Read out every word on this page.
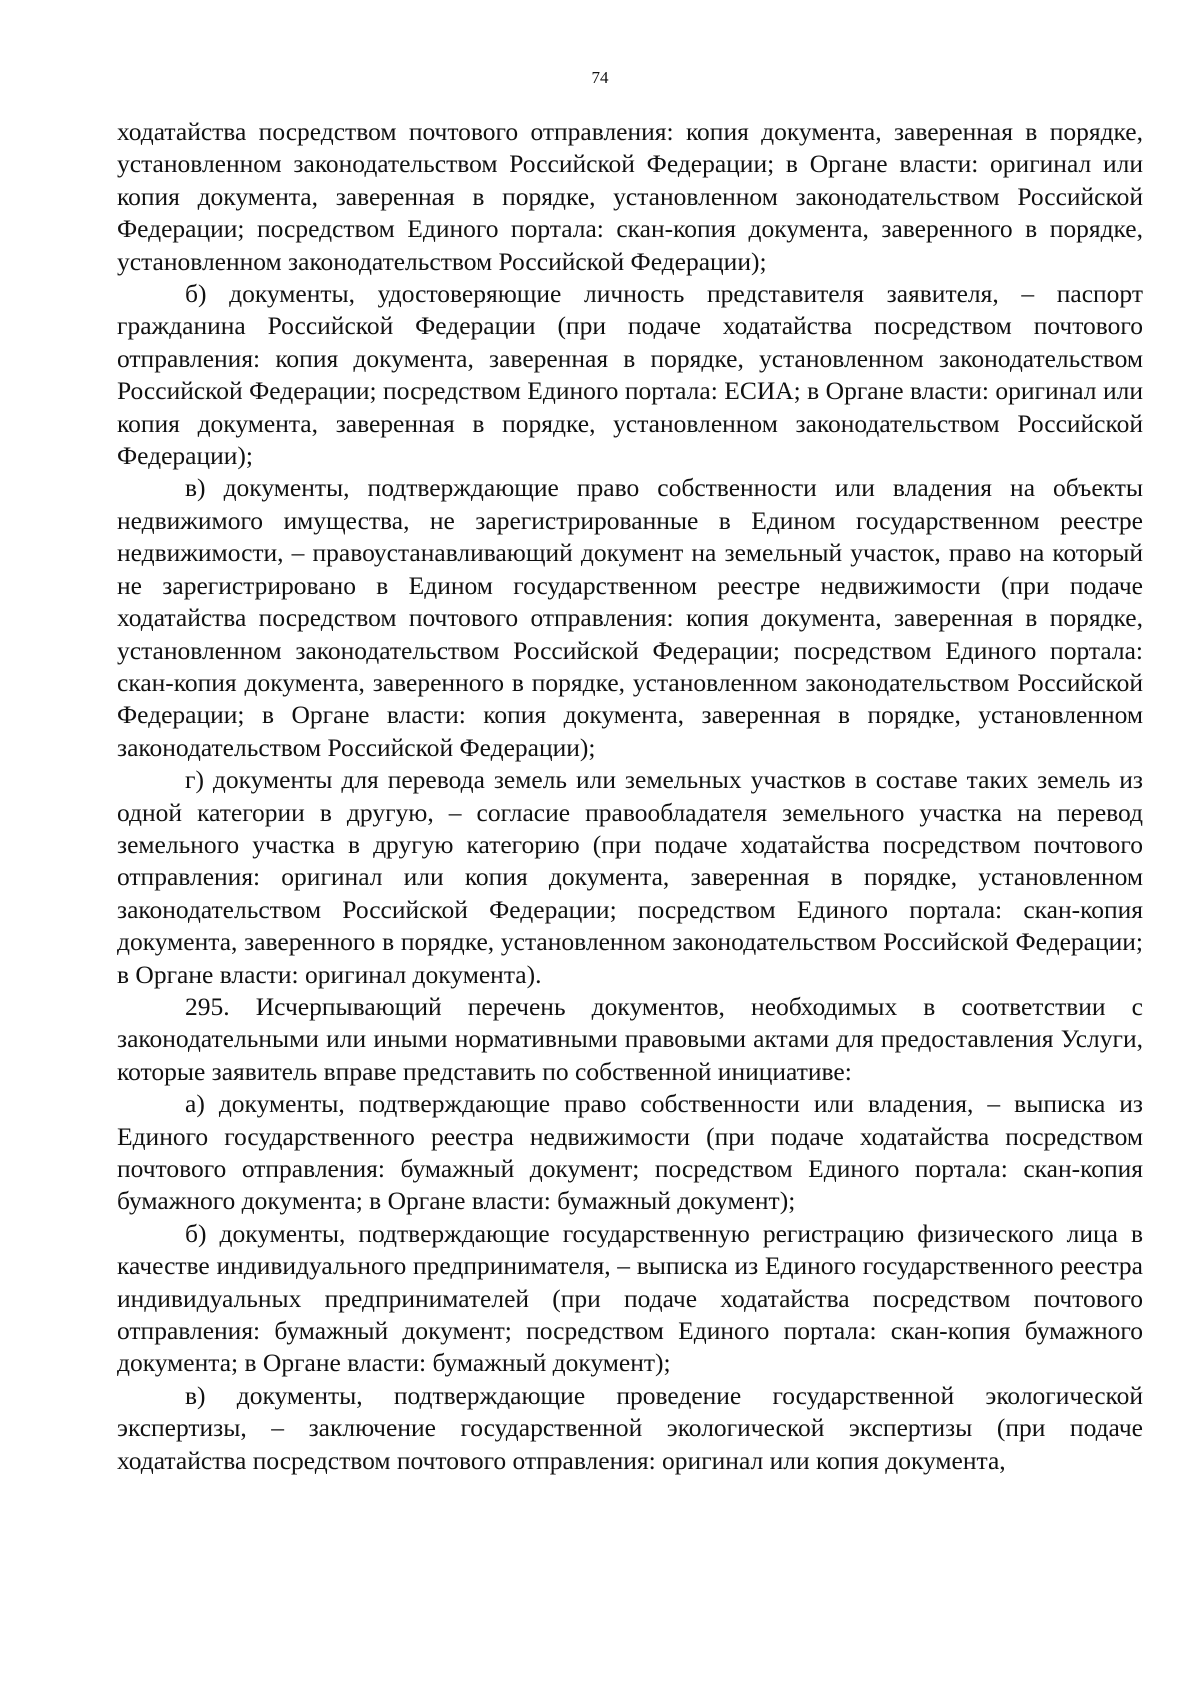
74

ходатайства посредством почтового отправления: копия документа, заверенная в порядке, установленном законодательством Российской Федерации; в Органе власти: оригинал или копия документа, заверенная в порядке, установленном законодательством Российской Федерации; посредством Единого портала: скан-копия документа, заверенного в порядке, установленном законодательством Российской Федерации);

б) документы, удостоверяющие личность представителя заявителя, – паспорт гражданина Российской Федерации (при подаче ходатайства посредством почтового отправления: копия документа, заверенная в порядке, установленном законодательством Российской Федерации; посредством Единого портала: ЕСИА; в Органе власти: оригинал или копия документа, заверенная в порядке, установленном законодательством Российской Федерации);

в) документы, подтверждающие право собственности или владения на объекты недвижимого имущества, не зарегистрированные в Едином государственном реестре недвижимости, – правоустанавливающий документ на земельный участок, право на который не зарегистрировано в Едином государственном реестре недвижимости (при подаче ходатайства посредством почтового отправления: копия документа, заверенная в порядке, установленном законодательством Российской Федерации; посредством Единого портала: скан-копия документа, заверенного в порядке, установленном законодательством Российской Федерации; в Органе власти: копия документа, заверенная в порядке, установленном законодательством Российской Федерации);

г) документы для перевода земель или земельных участков в составе таких земель из одной категории в другую, – согласие правообладателя земельного участка на перевод земельного участка в другую категорию (при подаче ходатайства посредством почтового отправления: оригинал или копия документа, заверенная в порядке, установленном законодательством Российской Федерации; посредством Единого портала: скан-копия документа, заверенного в порядке, установленном законодательством Российской Федерации; в Органе власти: оригинал документа).

295. Исчерпывающий перечень документов, необходимых в соответствии с законодательными или иными нормативными правовыми актами для предоставления Услуги, которые заявитель вправе представить по собственной инициативе:

а) документы, подтверждающие право собственности или владения, – выписка из Единого государственного реестра недвижимости (при подаче ходатайства посредством почтового отправления: бумажный документ; посредством Единого портала: скан-копия бумажного документа; в Органе власти: бумажный документ);

б) документы, подтверждающие государственную регистрацию физического лица в качестве индивидуального предпринимателя, – выписка из Единого государственного реестра индивидуальных предпринимателей (при подаче ходатайства посредством почтового отправления: бумажный документ; посредством Единого портала: скан-копия бумажного документа; в Органе власти: бумажный документ);

в) документы, подтверждающие проведение государственной экологической экспертизы, – заключение государственной экологической экспертизы (при подаче ходатайства посредством почтового отправления: оригинал или копия документа,
